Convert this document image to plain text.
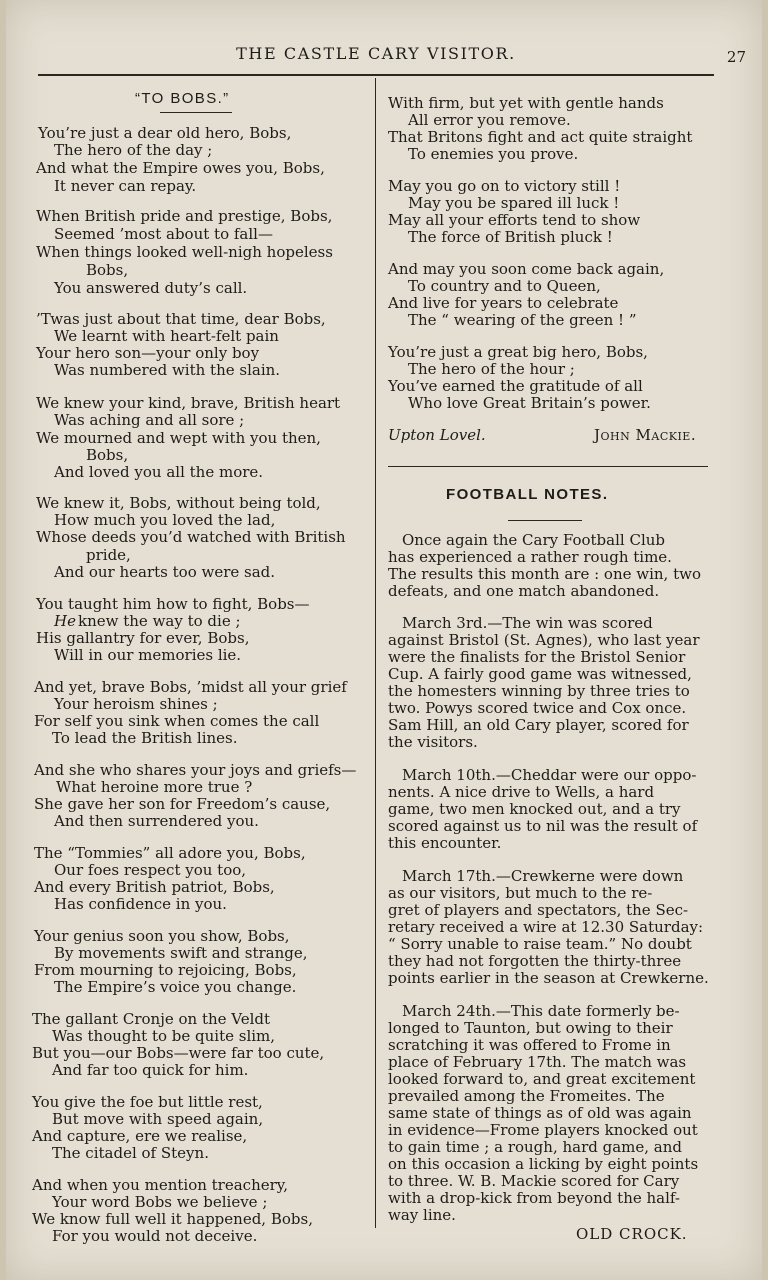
THE CASTLE CARY VISITOR.	27
“TO BOBS.”
You’re just a dear old hero, Bobs,
The hero of the day ;
And what the Empire owes you, Bobs,
It never can repay.
When British pride and prestige, Bobs,
Seemed ’most about to fall—
When things looked well-nigh hopeless
Bobs,
You answered duty’s call.
’Twas just about that time, dear Bobs,
We learnt with heart-felt pain
Your hero son—your only boy
Was numbered with the slain.
We knew your kind, brave, British heart
Was aching and all sore ;
We mourned and wept with you then,
Bobs,
And loved you all the more.
We knew it, Bobs, without being told,
How much you loved the lad,
Whose deeds you’d watched with British
pride,
And our hearts too were sad.
You taught him how to fight, Bobs—
He knew the way to die ;
His gallantry for ever, Bobs,
Will in our memories lie.
And yet, brave Bobs, ’midst all your grief
Your heroism shines ;
For self you sink when comes the call
To lead the British lines.
And she who shares your joys and griefs—
What heroine more true ?
She gave her son for Freedom’s cause,
And then surrendered you.
The “Tommies” all adore you, Bobs,
Our foes respect you too,
And every British patriot, Bobs,
Has confidence in you.
Your genius soon you show, Bobs,
By movements swift and strange,
From mourning to rejoicing, Bobs,
The Empire’s voice you change.
The gallant Cronje on the Veldt
Was thought to be quite slim,
But you—our Bobs—were far too cute,
And far too quick for him.
You give the foe but little rest,
But move with speed again,
And capture, ere we realise,
The citadel of Steyn.
And when you mention treachery,
Your word Bobs we believe ;
We know full well it happened, Bobs,
For you would not deceive.
With firm, but yet with gentle hands
All error you remove.
That Britons fight and act quite straight
To enemies you prove.
May you go on to victory still !
May you be spared ill luck !
May all your efforts tend to show
The force of British pluck !
And may you soon come back again,
To country and to Queen,
And live for years to celebrate
The “ wearing of the green ! ”
You’re just a great big hero, Bobs,
The hero of the hour ;
You’ve earned the gratitude of all
Who love Great Britain’s power.
Upton Lovel.	John Mackie.
FOOTBALL NOTES.
Once again the Cary Football Club
has experienced a rather rough time.
The results this month are : one win, two
defeats, and one match abandoned.
March 3rd.—The win was scored
against Bristol (St. Agnes), who last year
were the finalists for the Bristol Senior
Cup. A fairly good game was witnessed,
the homesters winning by three tries to
two. Powys scored twice and Cox once.
Sam Hill, an old Cary player, scored for
the visitors.
March 10th.—Cheddar were our oppo-
nents. A nice drive to Wells, a hard
game, two men knocked out, and a try
scored against us to nil was the result of
this encounter.
March 17th.—Crewkerne were down
as our visitors, but much to the re-
gret of players and spectators, the Sec-
retary received a wire at 12.30 Saturday:
“ Sorry unable to raise team.” No doubt
they had not forgotten the thirty-three
points earlier in the season at Crewkerne.
March 24th.—This date formerly be-
longed to Taunton, but owing to their
scratching it was offered to Frome in
place of February 17th. The match was
looked forward to, and great excitement
prevailed among the Fromeites. The
same state of things as of old was again
in evidence—Frome players knocked out
to gain time ; a rough, hard game, and
on this occasion a licking by eight points
to three. W. B. Mackie scored for Cary
with a drop-kick from beyond the half-
way line.
OLD CROCK.
